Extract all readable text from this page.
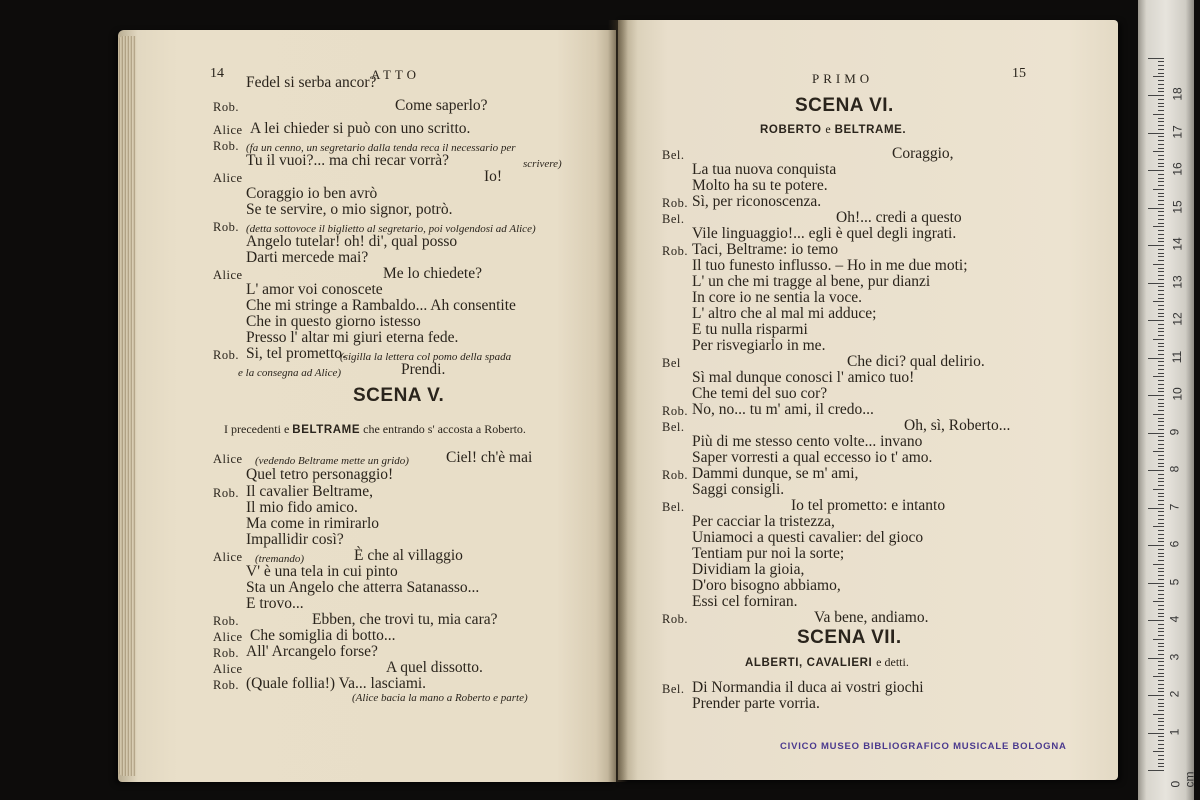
14	ATTO	PRIMO	15
Fedel si serba ancor?
Rob.	Come saperlo?
Alice A lei chieder si può con uno scritto.
Rob. (fa un cenno, un segretario dalla tenda reca il necessario per
Tu il vuoi?... ma chi recar vorrà?	scrivere)
Alice	Io!
Coraggio io ben avrò
Se te servire, o mio signor, potrò.
Rob. (detta sottovoce il biglietto al segretario, poi volgendosi ad Alice)
Angelo tutelar! oh! di', qual posso
Darti mercede mai?
Alice	Me lo chiedete?
L' amor voi conoscete
Che mi stringe a Rambaldo... Ah consentite
Che in questo giorno istesso
Presso l' altar mi giuri eterna fede.
Rob.	(sigilla la lettera col pomo della spada
Si, tel prometto.
e la consegna ad Alice)	Prendi.
Alice (vedendo Beltrame mette un grido) Ciel! ch'è mai
Quel tetro personaggio!
Rob. Il cavalier Beltrame,
Il mio fido amico.
Ma come in rimirarlo
Impallidir così?
Alice (tremando)	È che al villaggio
V' è una tela in cui pinto
Sta un Angelo che atterra Satanasso...
E trovo...
Rob.	Ebben, che trovi tu, mia cara?
Alice Che somiglia di botto...
Rob. All' Arcangelo forse?
Alice	A quel dissotto.
Rob. (Quale follia!) Va... lasciami.
Bel.	Coraggio,
La tua nuova conquista
Molto ha su te potere.
Rob. Sì, per riconoscenza.
Bel.	Oh!... credi a questo
Vile linguaggio!... egli è quel degli ingrati.
Rob. Taci, Beltrame: io temo
Il tuo funesto influsso. – Ho in me due moti;
L' un che mi tragge al bene, pur dianzi
In core io ne sentia la voce.
L' altro che al mal mi adduce;
E tu nulla risparmi
Per risvegiarlo in me.
Bel	Che dici? qual delirio.
Sì mal dunque conosci l' amico tuo!
Che temi del suo cor?
Rob. No, no... tu m' ami, il credo...
Bel.	Oh, sì, Roberto...
Più di me stesso cento volte... invano
Saper vorresti a qual eccesso io t' amo.
Rob. Dammi dunque, se m' ami,
Saggi consigli.
Bel.	Io tel prometto: e intanto
Per cacciar la tristezza,
Uniamoci a questi cavalier: del gioco
Tentiam pur noi la sorte;
Dividiam la gioia,
D'oro bisogno abbiamo,
Essi cel forniran.
Rob.	Va bene, andiamo.
Bel. Di Normandia il duca ai vostri giochi
Prender parte vorria.
SCENA V.
I precedenti e BELTRAME che entrando s' accosta a Roberto.
(Alice bacia la mano a Roberto e parte)
SCENA VI.
ROBERTO e BELTRAME.
SCENA VII.
ALBERTI, CAVALIERI e detti.
CIVICO MUSEO BIBLIOGRAFICO MUSICALE BOLOGNA
0 cm
1
2
3
4
5
6
7
8
9
10
11
12
13
14
15
16
17
18
